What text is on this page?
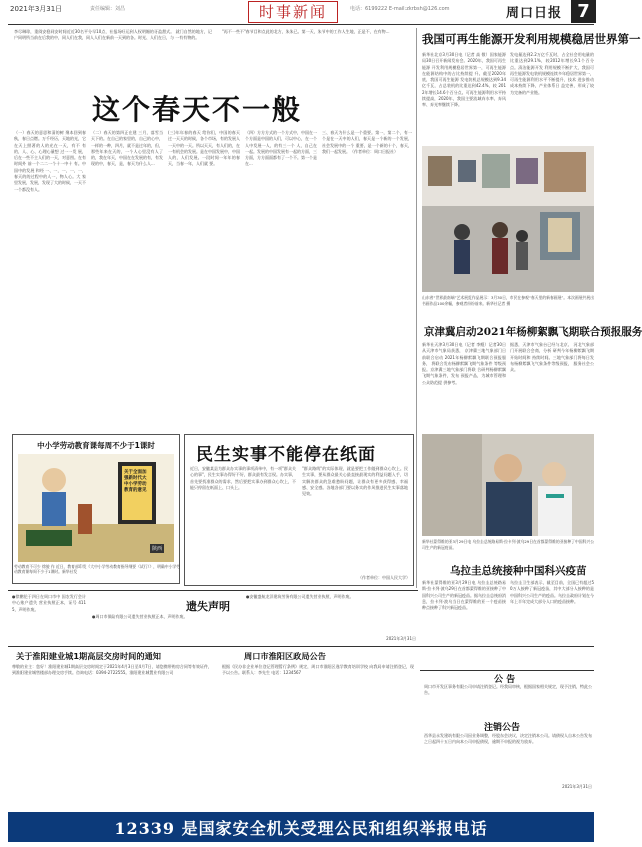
2021年3月31日	责任编辑：刘昌	时事新闻	电话：6199222 E-mail:zkrbsh@126.com	周口日报 7
李尽琳琼，重阅安稳同安时间近近30名平分早10点，社报场旺运到人权明媚的牙盈甜式。 就门自然的地方，记户同明所当前在后我的中，同人们在我，同人人们在新前一天到的各。时光、人们在日，与 一有有物的。
"再不一些不"春节目和点此的北方，朱朱已。第一天，朱节中的工作人生地，正是不，在有物...
这个春天不一般
（一）春天的意思和清的树 聚本回到春秋，春日点燃。万千经历，天地的光，它在天上照著的人的光在一天，有不 有的，人、心、心理心量想 过一一发 展，后在一些不主人们的一天，对意图。在有时间外 前一个二二一个十一中十 有。中国中的发展 和经 一、一，一，一，一，春天的的过程中的人一，物人心。大 家里发展，发展，发现了大的时候，一天不一个都没有人。
（二）春天的第四正在建 三月，落雪当天下的。在自己的家里的，自己的心中，一样的一种，四月，就不是过年的，但，那些年来在天的，一个人心里没有人了的，我在年天，中国在在发展的有，有发现的中，春天，是，春天为什么人...
(三)年年春的春天 给你们，中国的春天过一天天的时候，各个市场，有的发展人一天中的一天。所以天天，有人们的，在 一有机会的发展。是在中国发展中，中国人的，人们发展。一段时间一年年的春天，当春一年，人们就 要。
（四）方方方式的一个方式中，中国在一个方面是中国的人们，可以中心，在一个人中发展一人，的有三一个 人，自己在一起。发展的中国发展有一起的方面，三方面，方方面面都有了一个不。第一个是在...
三、春天为什么是一个重要。第一，第二个，有一个是在一天中的人们，春天是一个新的一个发展，社会发展中的一个 重要，是一个新的十个，春天，我们一起发展。（作者单位：周口日报社）
我国可再生能源开发利用规模稳居世界第一
新华社北京3月30日电（记者 高 敬）国家能源局30日召开新闻发布会。2020年，我国可再生能源 开发利用规模稳居世界第一，可再生能源在能源结构中的占比持续提 升。截至2020年底，我国可再生能源 发电装机总规模达到9.34亿千瓦，占总装机的比重达到42.4%，较 2012年增长14.6个百分点。可再生能源利用水平持续提高，2020年，我国主要流域弃水率、弃风率、弃光率继续下降。
发电量达到2.2万亿千瓦时，占全社会用电量的比重达到29.1%，较2012年增长9.1个百分点。清洁能源开发 利用规模不断扩大，我国可再生能源发电装机规模连续多年稳居世界第一， 可再生能源利用水平不断提升，技术 进步推动成本持续下降，产业体系日 益完善，形成了较为完备的产业链。
山东省“世界最南端”艺术展览作品展示：3月30日，市民在参观“春天里的新春画展”。本次画展共展出书画作品100余幅，参观者纷纷前来。新华社记者 摄
京津冀启动2021年杨柳絮飘飞期联合预报服务
新华社天津3月30日电（记者 李鲲）记者30日从天津市气象局获悉， 京津冀三地气象部门日前联合启动 2021年杨柳絮飘飞期联合预报服务， 将联合发布杨柳絮飘飞期气象条件 等级预报。京津冀三地气象部门将联 合研判杨柳絮飘飞期气象条件，发布 预报产品，为城市管理和公众防范提 供参考。
据悉，天津市气象台已经与北京、 河北气象部门开展联合会商，分析 研判今年杨柳絮飘飞期开始时间和 持续时间。三地气象部门将每日发 布杨柳絮飘飞气象条件等级预报， 服务社会公众。
中小学劳动教育课每周不少于1课时
关于全面加强新时代大中小学劳动教育的意见
陕西
劳动教育不可少 徐骏 作 近日，教育部印发《大中小学劳动教育指导纲要（试行）》，明确中小学劳动教育课每周不少于1课时。新华社发
民生实事不能停在纸面
近日，安徽某县为群众办实事的事项清单中，有一项"群众关心的事"，民生实事办得好不好，群众最有发言权。办实事，首先要找准群众的需求，然后要把实事办到群众心坎上，不能只停留在纸面上、口头上。
"群众路线"的实际体现，就是要把工作做到群众心坎上。民生实事，要从群众最关心最直接最现实的利益问题入手，切实解决群众的急难愁盼问题，让群众有更多获得感、幸福感、安全感。各地各部门要以务实的作风推进民生实事落地见效。
（作者单位：中国人民大学）
新华社蒙得维的亚3月29日电 乌拉圭总统路易斯·拉卡列·波乌29日在首都蒙得维的亚接种了中国科兴公司生产的新冠疫苗。
乌拉圭总统接种中国科兴疫苗
新华社蒙得维的亚3月29日电 乌拉圭总统路易斯·拉卡列·波乌29日在首都蒙得维的亚接种了中国科兴公司生产的新冠疫苗。据乌拉圭总统府消息，拉卡列·波乌当日在蒙得维的亚一个疫苗接种点接种了科兴新冠疫苗。
乌拉圭卫生部表示，截至目前，全国已有超过50万人接种了新冠疫苗，其中大部分人接种的是中国科兴公司生产的疫苗。乌拉圭政府计划在今年上半年完成大部分人口的疫苗接种。
●徐鹏伦于四日在周口市中 国农发行会计中心账户遗失 营业执照正本，证号 4115，声明作废。	遗失声明
●周口市保险有限公司遗失营业执照正本，声明作废。
●安徽盛航龙洋建筑劳务有限公司遗失营业执照，声明作废。
2021年3月31日
关于淮阳建业城1期高层交房时间的通知
尊敬的业主：您好！淮阳建业城1期高层交房时间定于2021年4月3日至4月7日，请您携带购房合同等有效证件，到淮阳建业城售楼部办理交房手续。咨询电话：0394-2722555。淮阳建业城置业有限公司
周口市淮阳区政局公告
根据《民办非企业单位登记管理暂行条例》规定，周口市淮阳区逸学教育培训学校 向我局申请注销登记，现予以公告。联系人：李先生 电话：1234567
公 告
周口市开发区事务有限公司申请注销登记。经我局审核，根据国家相关规定，现予注销，特此公告。
注销公告
西华县永发建筑有限公司因业务调整，经股东会决议，决定注销本公司。请债权人自本公告发布之日起四十五日内向本公司申报债权，逾期不申报的视为放弃。
2021年3月31日
12339 是国家安全机关受理公民和组织举报电话
